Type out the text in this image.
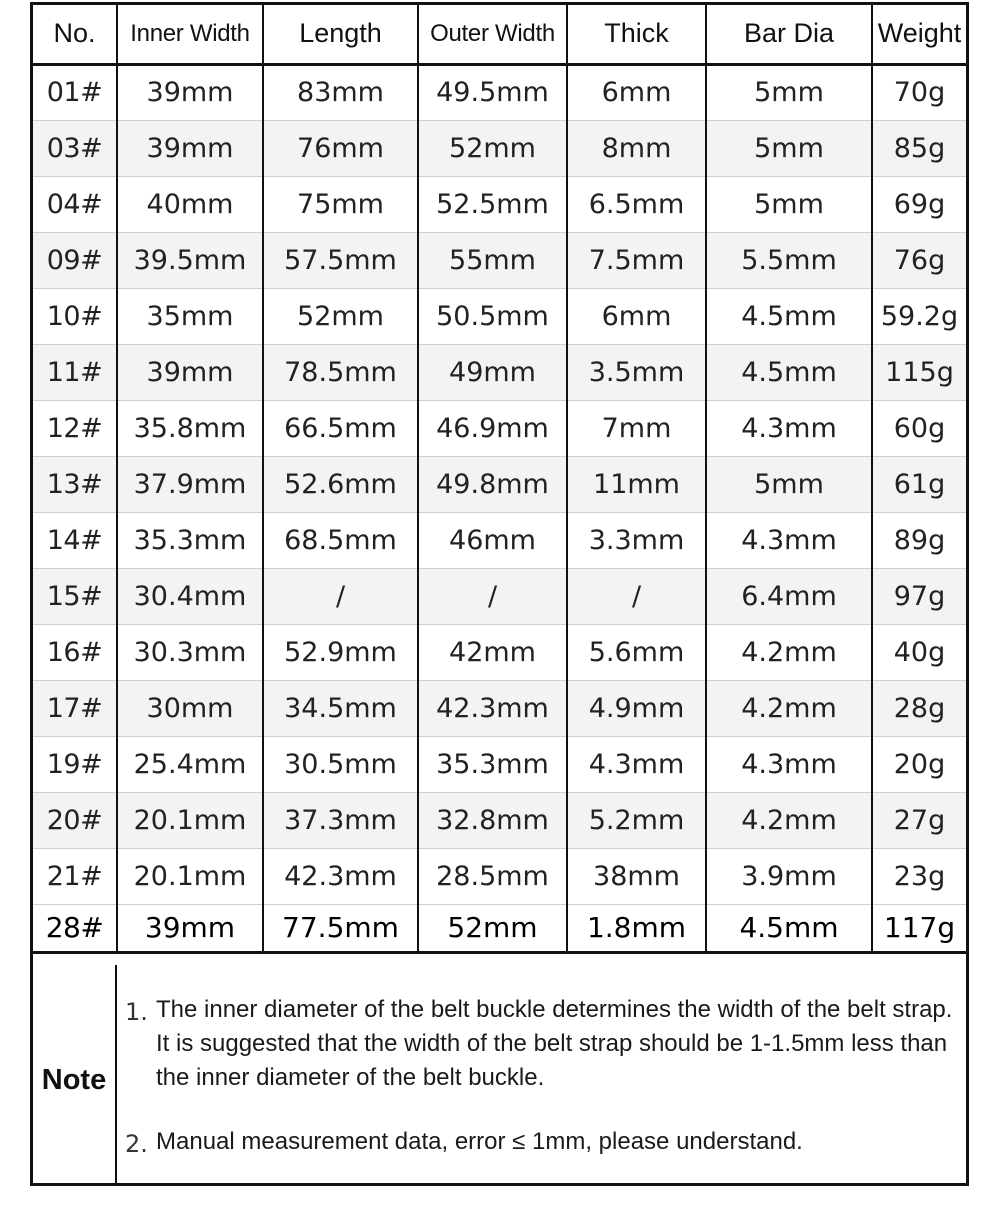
No.	Inner Width	Length	Outer Width	Thick	Bar Dia	Weight
01#	39mm	83mm	49.5mm	6mm	5mm	70g
03#	39mm	76mm	52mm	8mm	5mm	85g
04#	40mm	75mm	52.5mm	6.5mm	5mm	69g
09#	39.5mm	57.5mm	55mm	7.5mm	5.5mm	76g
10#	35mm	52mm	50.5mm	6mm	4.5mm	59.2g
11#	39mm	78.5mm	49mm	3.5mm	4.5mm	115g
12#	35.8mm	66.5mm	46.9mm	7mm	4.3mm	60g
13#	37.9mm	52.6mm	49.8mm	11mm	5mm	61g
14#	35.3mm	68.5mm	46mm	3.3mm	4.3mm	89g
15#	30.4mm	/	/	/	6.4mm	97g
16#	30.3mm	52.9mm	42mm	5.6mm	4.2mm	40g
17#	30mm	34.5mm	42.3mm	4.9mm	4.2mm	28g
19#	25.4mm	30.5mm	35.3mm	4.3mm	4.3mm	20g
20#	20.1mm	37.3mm	32.8mm	5.2mm	4.2mm	27g
21#	20.1mm	42.3mm	28.5mm	38mm	3.9mm	23g
28#	39mm	77.5mm	52mm	1.8mm	4.5mm	117g
Note
1. The inner diameter of the belt buckle determines the width of the belt strap. It is suggested that the width of the belt strap should be 1-1.5mm less than the inner diameter of the belt buckle.
2. Manual measurement data, error ≤ 1mm, please understand.
